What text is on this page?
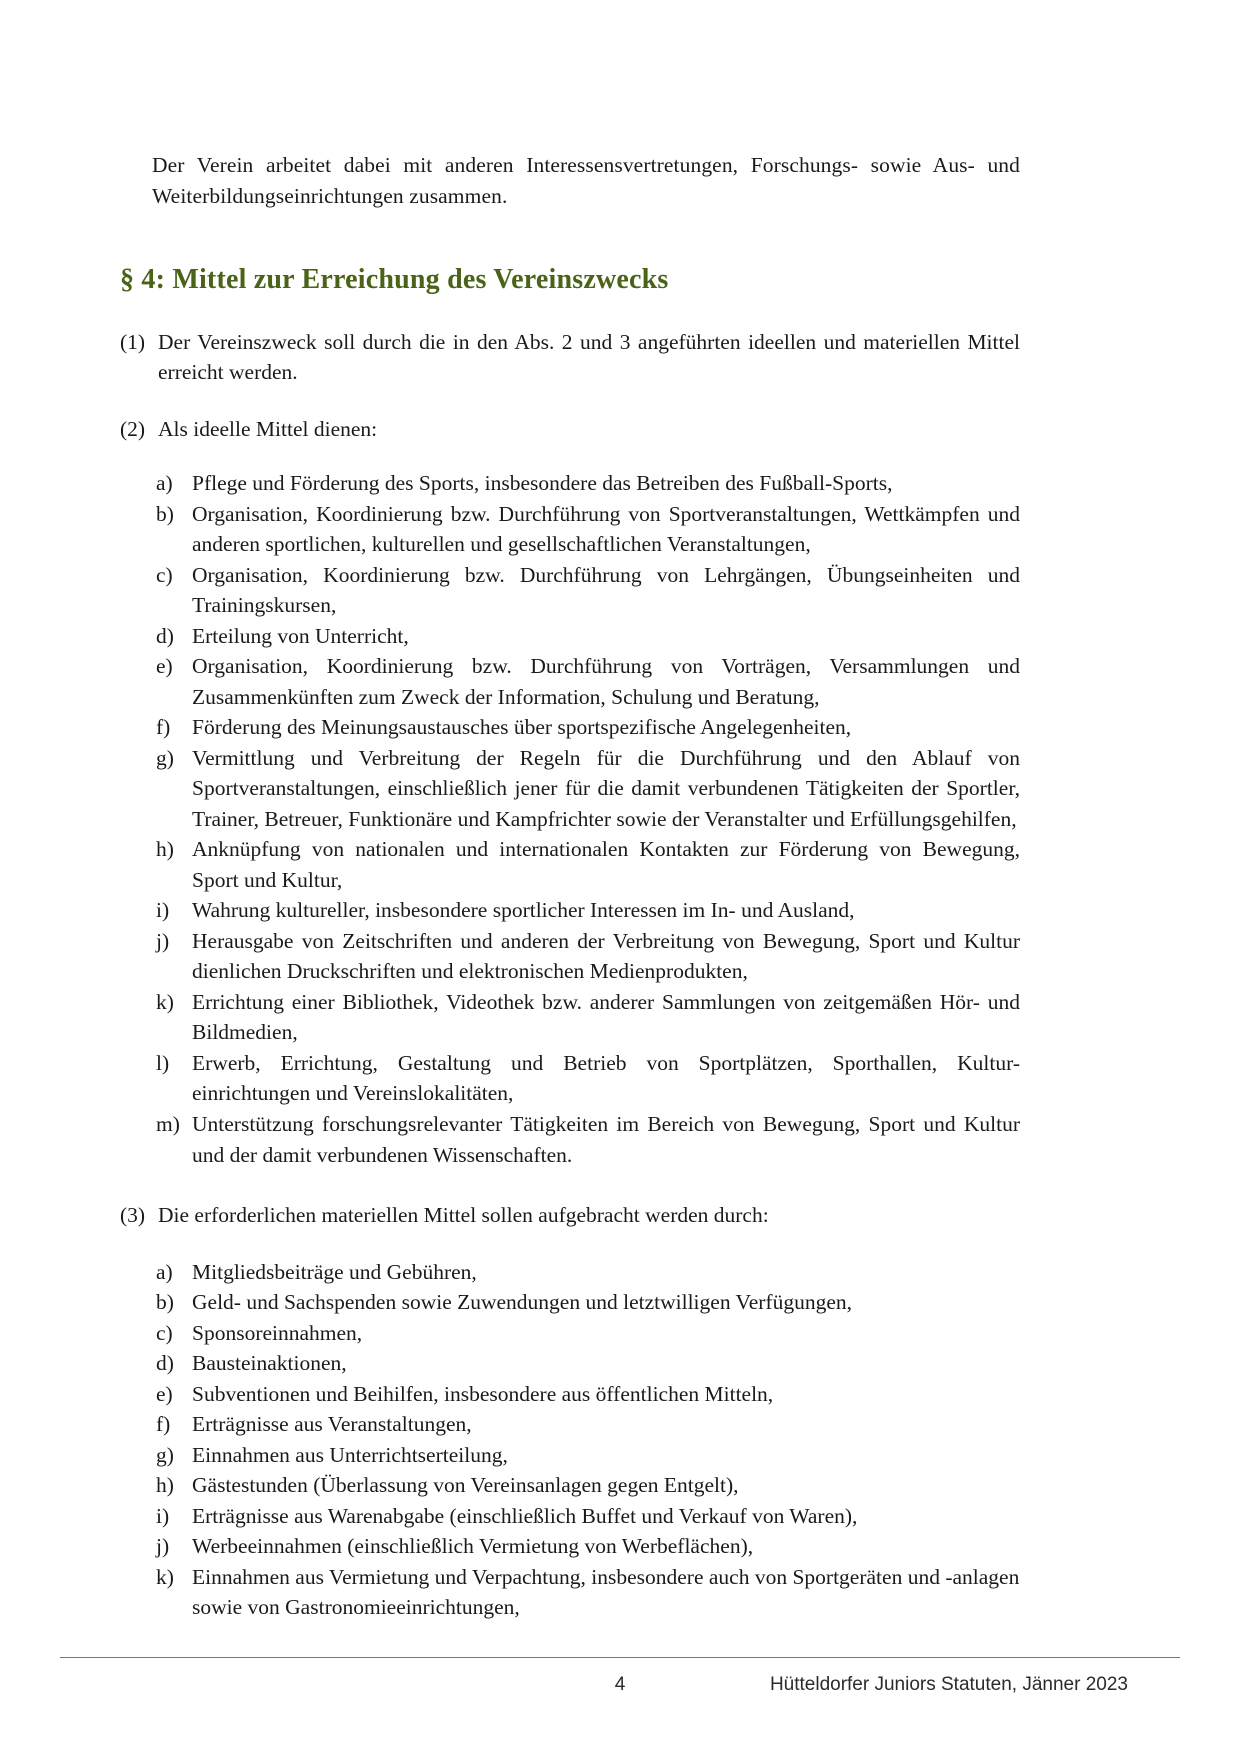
Der Verein arbeitet dabei mit anderen Interessensvertretungen, Forschungs- sowie Aus- und Weiterbildungseinrichtungen zusammen.

§ 4: Mittel zur Erreichung des Vereinszwecks
(1) Der Vereinszweck soll durch die in den Abs. 2 und 3 angeführten ideellen und materiellen Mittel erreicht werden.
(2) Als ideelle Mittel dienen:
a) Pflege und Förderung des Sports, insbesondere das Betreiben des Fußball-Sports,
b) Organisation, Koordinierung bzw. Durchführung von Sportveranstaltungen, Wettkämpfen und anderen sportlichen, kulturellen und gesellschaftlichen Veranstaltungen,
c) Organisation, Koordinierung bzw. Durchführung von Lehrgängen, Übungseinheiten und Trainingskursen,
d) Erteilung von Unterricht,
e) Organisation, Koordinierung bzw. Durchführung von Vorträgen, Versammlungen und Zusammenkünften zum Zweck der Information, Schulung und Beratung,
f)	Förderung des Meinungsaustausches über sportspezifische Angelegenheiten,
g) Vermittlung und Verbreitung der Regeln für die Durchführung und den Ablauf von Sportveranstaltungen, einschließlich jener für die damit verbundenen Tätigkeiten der Sportler, Trainer, Betreuer, Funktionäre und Kampfrichter sowie der Veranstalter und Erfüllungsgehilfen,
h) Anknüpfung von nationalen und internationalen Kontakten zur Förderung von Bewegung, Sport und Kultur,
i)	Wahrung kultureller, insbesondere sportlicher Interessen im In- und Ausland,
j)	Herausgabe von Zeitschriften und anderen der Verbreitung von Bewegung, Sport und Kultur dienlichen Druckschriften und elektronischen Medienprodukten,
k) Errichtung einer Bibliothek, Videothek bzw. anderer Sammlungen von zeitgemäßen Hör- und Bildmedien,
l)	Erwerb, Errichtung, Gestaltung und Betrieb von Sportplätzen, Sporthallen, Kultur-einrichtungen und Vereinslokalitäten,
m) Unterstützung forschungsrelevanter Tätigkeiten im Bereich von Bewegung, Sport und Kultur und der damit verbundenen Wissenschaften.
(3) Die erforderlichen materiellen Mittel sollen aufgebracht werden durch:
a) Mitgliedsbeiträge und Gebühren,
b) Geld- und Sachspenden sowie Zuwendungen und letztwilligen Verfügungen,
c) Sponsoreinnahmen,
d) Bausteinaktionen,
e) Subventionen und Beihilfen, insbesondere aus öffentlichen Mitteln,
f)	Erträgnisse aus Veranstaltungen,
g) Einnahmen aus Unterrichtserteilung,
h) Gästestunden (Überlassung von Vereinsanlagen gegen Entgelt),
i)	Erträgnisse aus Warenabgabe (einschließlich Buffet und Verkauf von Waren),
j)	Werbeeinnahmen (einschließlich Vermietung von Werbeflächen),
k) Einnahmen aus Vermietung und Verpachtung, insbesondere auch von Sportgeräten und -anlagen sowie von Gastronomieeinrichtungen,
4	Hütteldorfer Juniors Statuten, Jänner 2023
